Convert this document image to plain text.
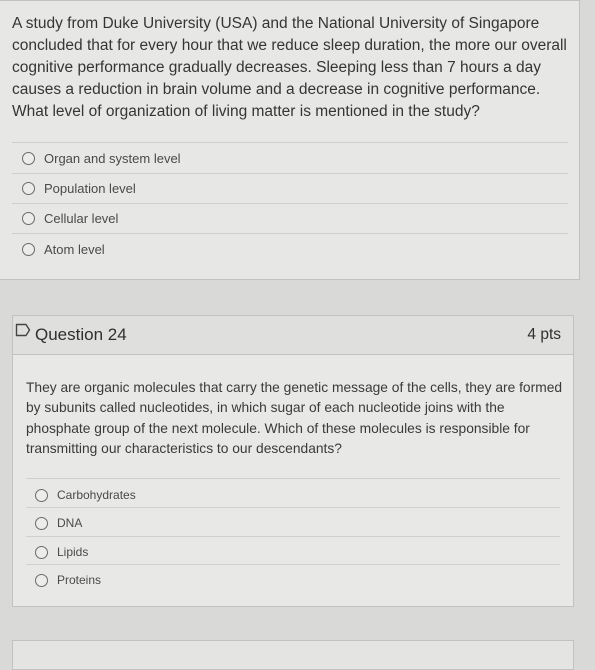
A study from Duke University (USA) and the National University of Singapore concluded that for every hour that we reduce sleep duration, the more our overall cognitive performance gradually decreases. Sleeping less than 7 hours a day causes a reduction in brain volume and a decrease in cognitive performance. What level of organization of living matter is mentioned in the study?
Organ and system level
Population level
Cellular level
Atom level
Question 24	4 pts
They are organic molecules that carry the genetic message of the cells, they are formed by subunits called nucleotides, in which sugar of each nucleotide joins with the phosphate group of the next molecule. Which of these molecules is responsible for transmitting our characteristics to our descendants?
Carbohydrates
DNA
Lipids
Proteins
